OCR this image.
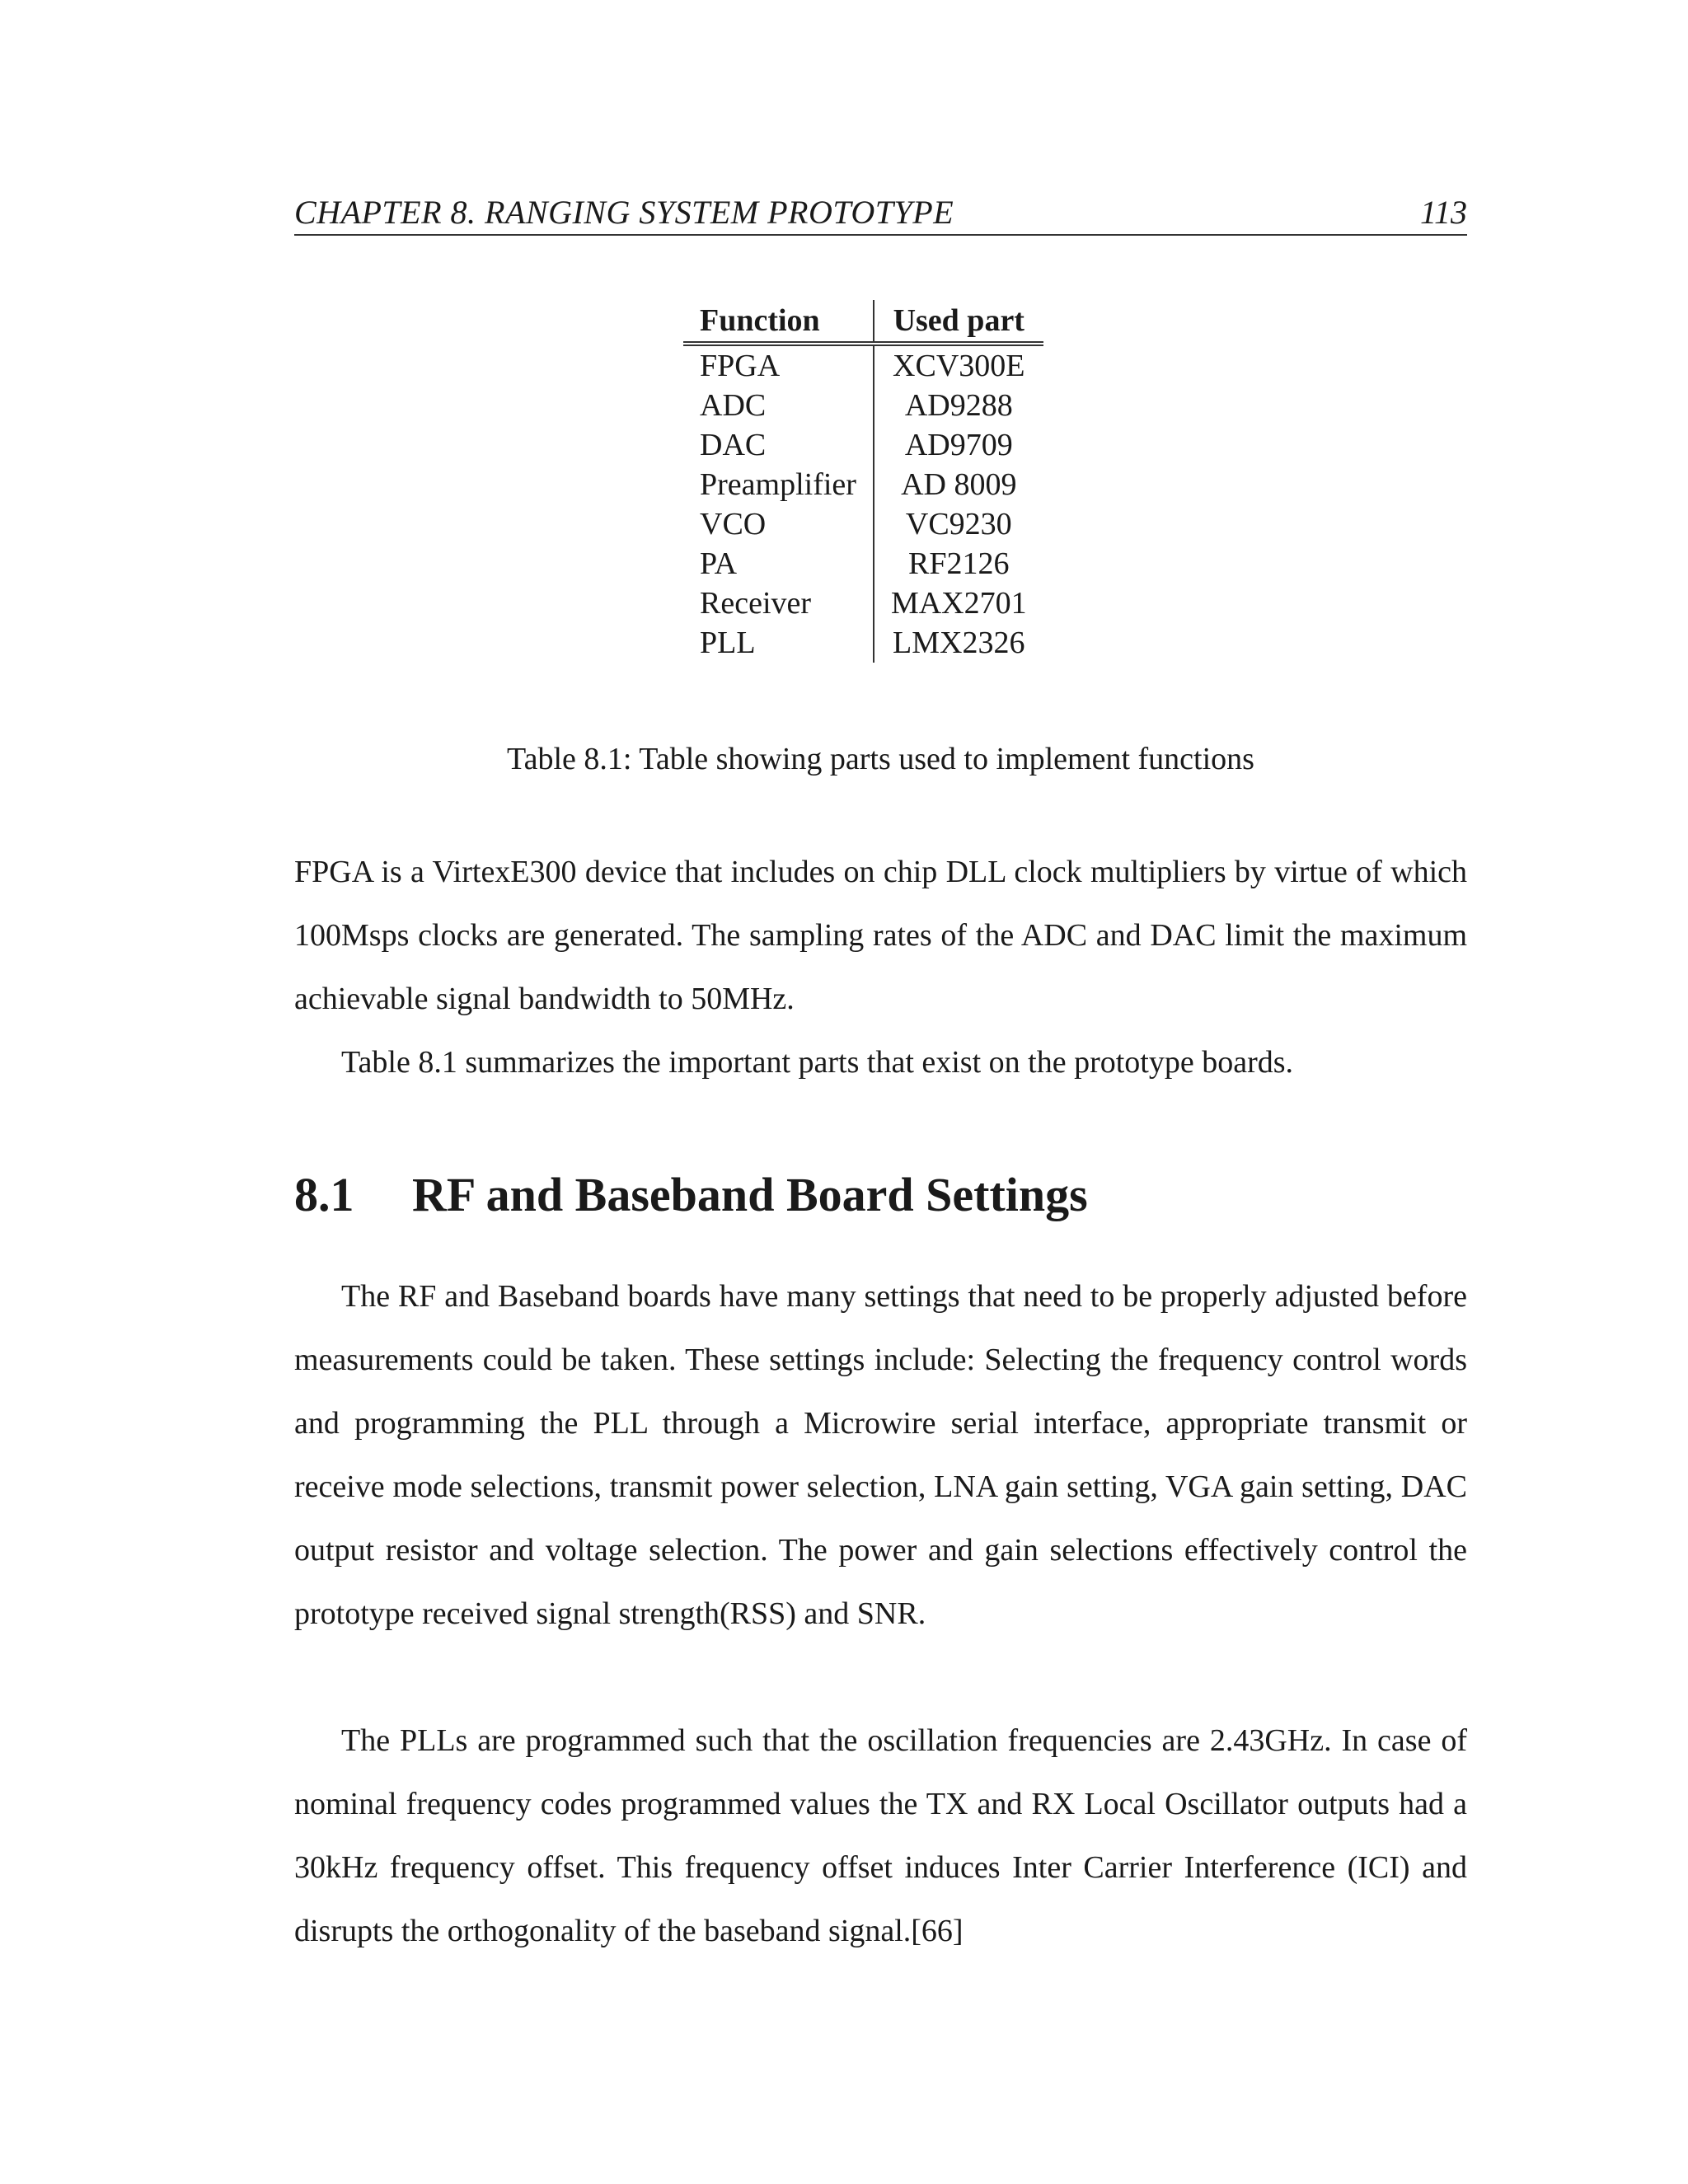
CHAPTER 8. RANGING SYSTEM PROTOTYPE	113
Function	Used part
FPGA	XCV300E
ADC	AD9288
DAC	AD9709
Preamplifier	AD 8009
VCO	VC9230
PA	RF2126
Receiver	MAX2701
PLL	LMX2326
Table 8.1: Table showing parts used to implement functions

FPGA is a VirtexE300 device that includes on chip DLL clock multipliers by virtue of which 100Msps clocks are generated. The sampling rates of the ADC and DAC limit the maximum achievable signal bandwidth to 50MHz.

Table 8.1 summarizes the important parts that exist on the prototype boards.

8.1 RF and Baseband Board Settings

The RF and Baseband boards have many settings that need to be properly adjusted before measurements could be taken. These settings include: Selecting the frequency control words and programming the PLL through a Microwire serial interface, appropriate transmit or receive mode selections, transmit power selection, LNA gain setting, VGA gain setting, DAC output resistor and voltage selection. The power and gain selections effectively control the prototype received signal strength(RSS) and SNR.

The PLLs are programmed such that the oscillation frequencies are 2.43GHz. In case of nominal frequency codes programmed values the TX and RX Local Oscillator outputs had a 30kHz frequency offset. This frequency offset induces Inter Carrier Interference (ICI) and disrupts the orthogonality of the baseband signal.[66]
